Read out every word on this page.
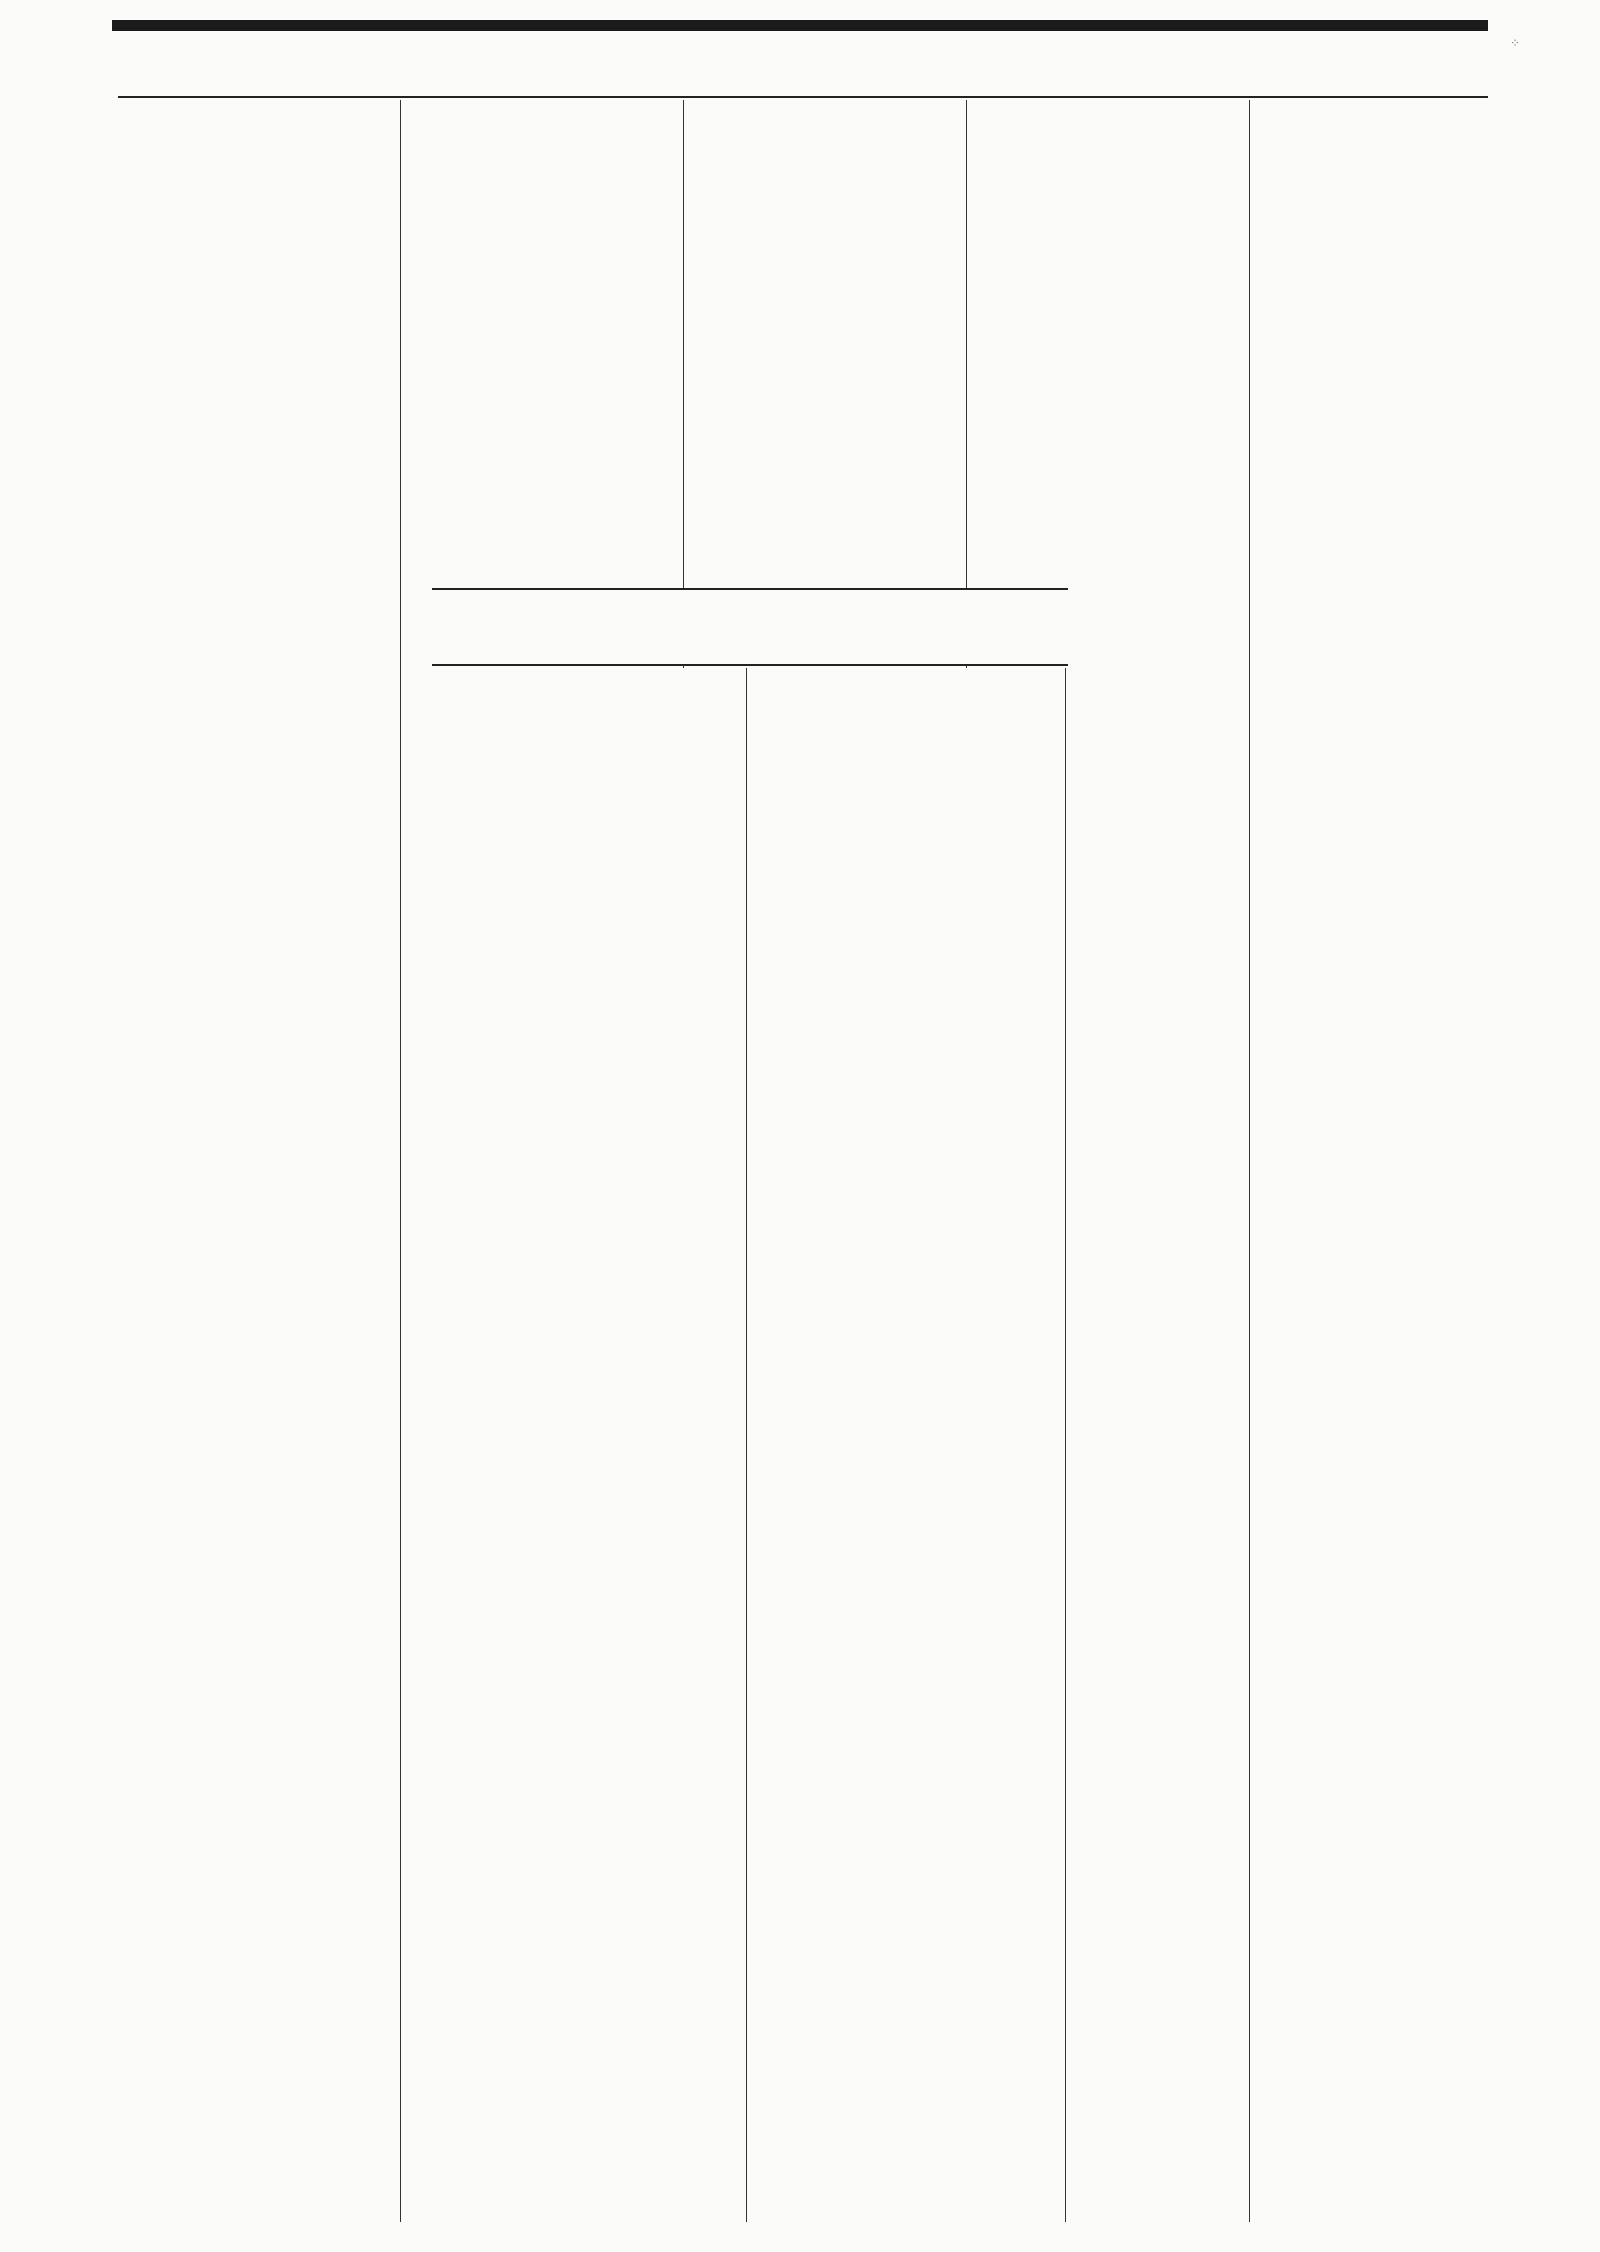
⁘
